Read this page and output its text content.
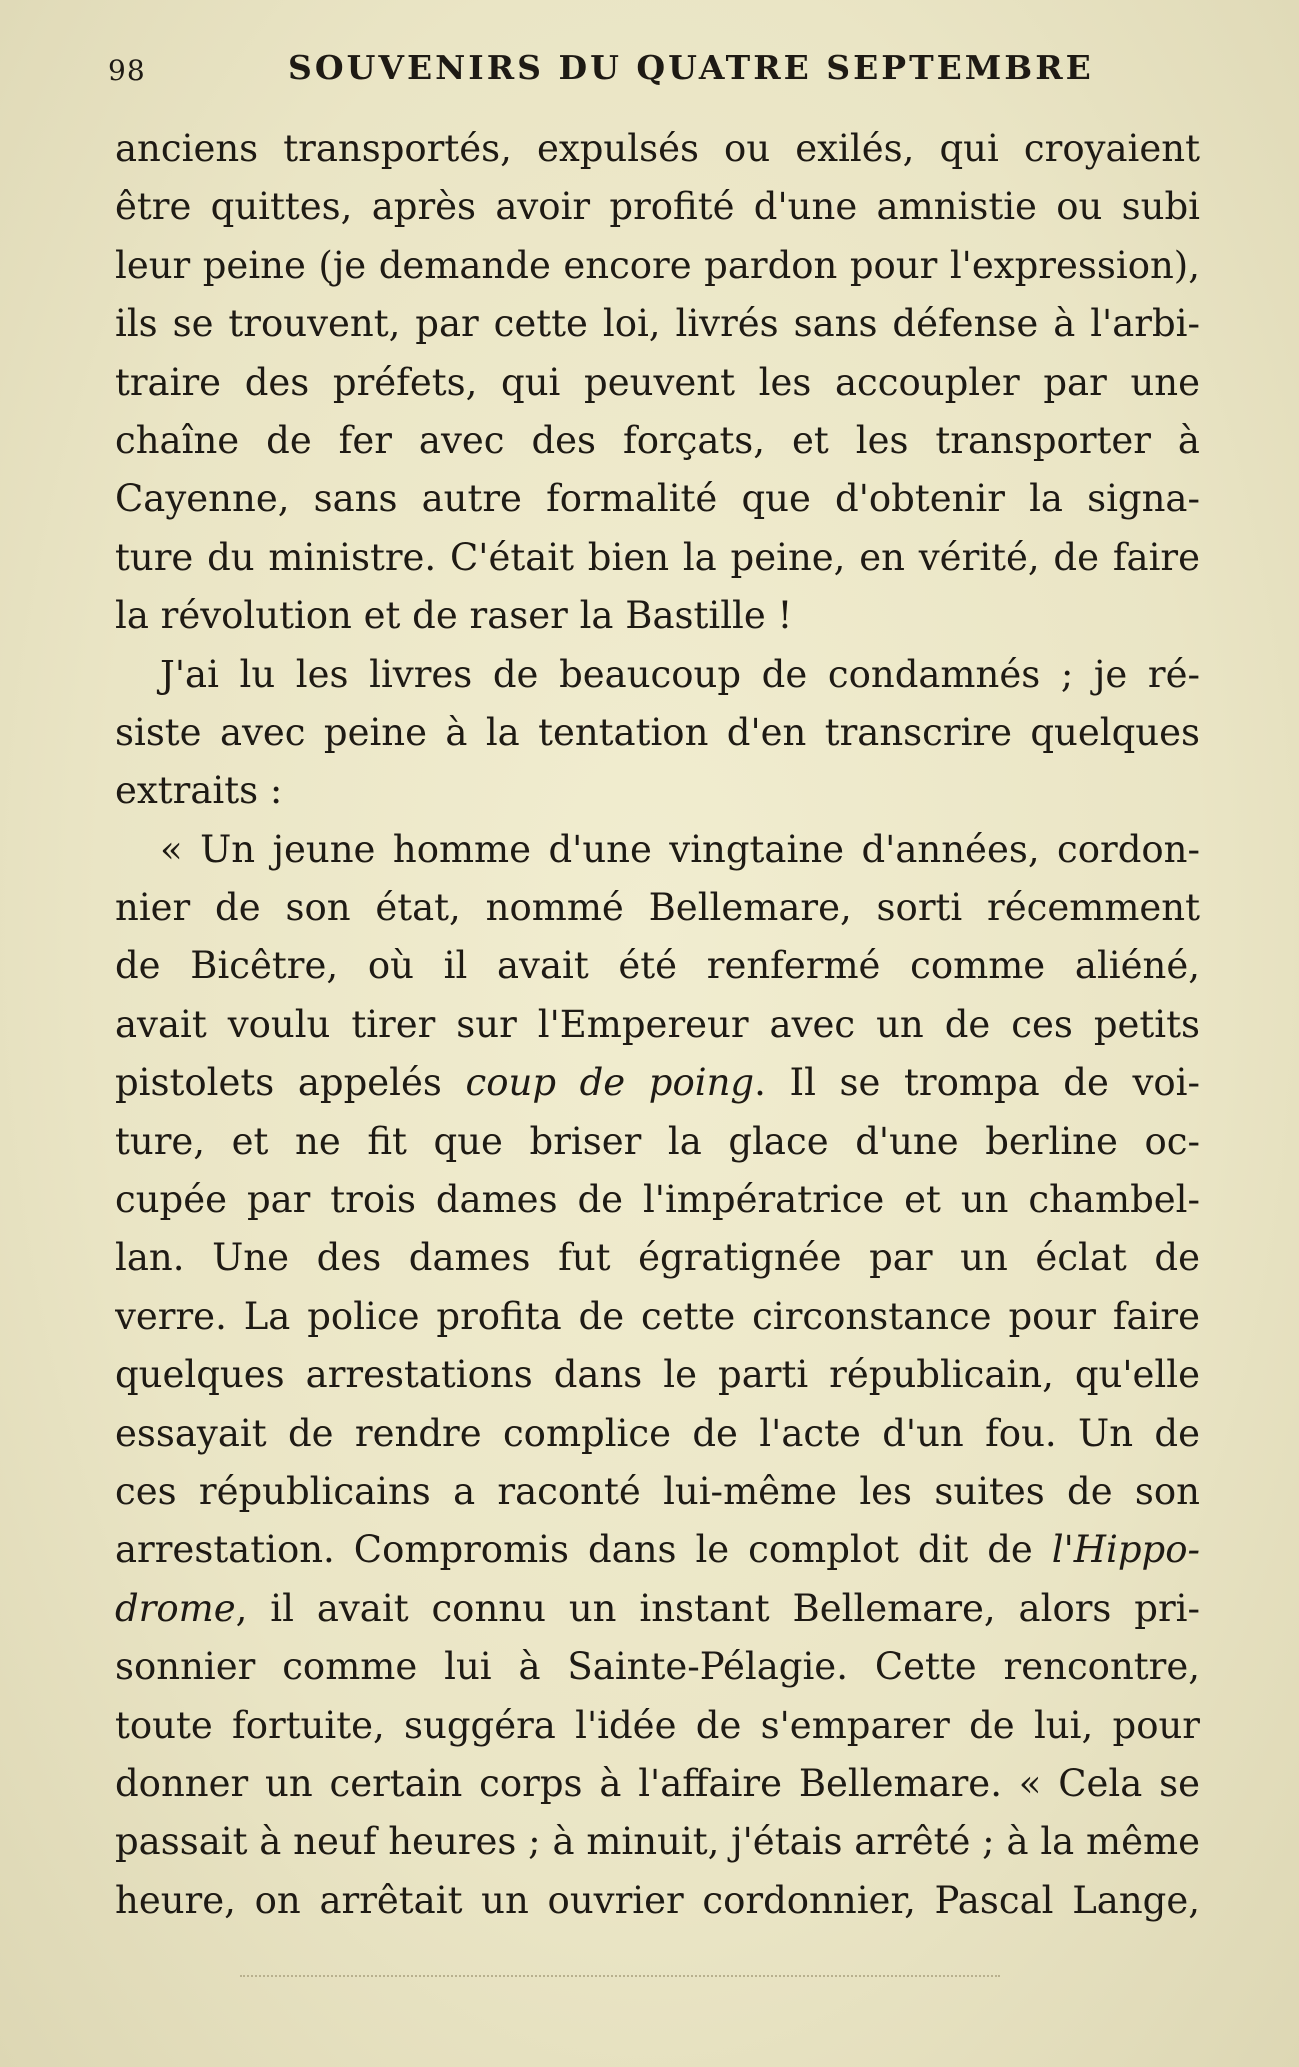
98	SOUVENIRS DU QUATRE SEPTEMBRE
anciens transportés, expulsés ou exilés, qui croyaient
être quittes, après avoir profité d'une amnistie ou subi
leur peine (je demande encore pardon pour l'expression),
ils se trouvent, par cette loi, livrés sans défense à l'arbi-
traire des préfets, qui peuvent les accoupler par une
chaîne de fer avec des forçats, et les transporter à
Cayenne, sans autre formalité que d'obtenir la signa-
ture du ministre. C'était bien la peine, en vérité, de faire
la révolution et de raser la Bastille !
J'ai lu les livres de beaucoup de condamnés ; je ré-
siste avec peine à la tentation d'en transcrire quelques
extraits :
« Un jeune homme d'une vingtaine d'années, cordon-
nier de son état, nommé Bellemare, sorti récemment
de Bicêtre, où il avait été renfermé comme aliéné,
avait voulu tirer sur l'Empereur avec un de ces petits
pistolets appelés coup de poing. Il se trompa de voi-
ture, et ne fit que briser la glace d'une berline oc-
cupée par trois dames de l'impératrice et un chambel-
lan. Une des dames fut égratignée par un éclat de
verre. La police profita de cette circonstance pour faire
quelques arrestations dans le parti républicain, qu'elle
essayait de rendre complice de l'acte d'un fou. Un de
ces républicains a raconté lui-même les suites de son
arrestation. Compromis dans le complot dit de l'Hippo-
drome, il avait connu un instant Bellemare, alors pri-
sonnier comme lui à Sainte-Pélagie. Cette rencontre,
toute fortuite, suggéra l'idée de s'emparer de lui, pour
donner un certain corps à l'affaire Bellemare. « Cela se
passait à neuf heures ; à minuit, j'étais arrêté ; à la même
heure, on arrêtait un ouvrier cordonnier, Pascal Lange,
